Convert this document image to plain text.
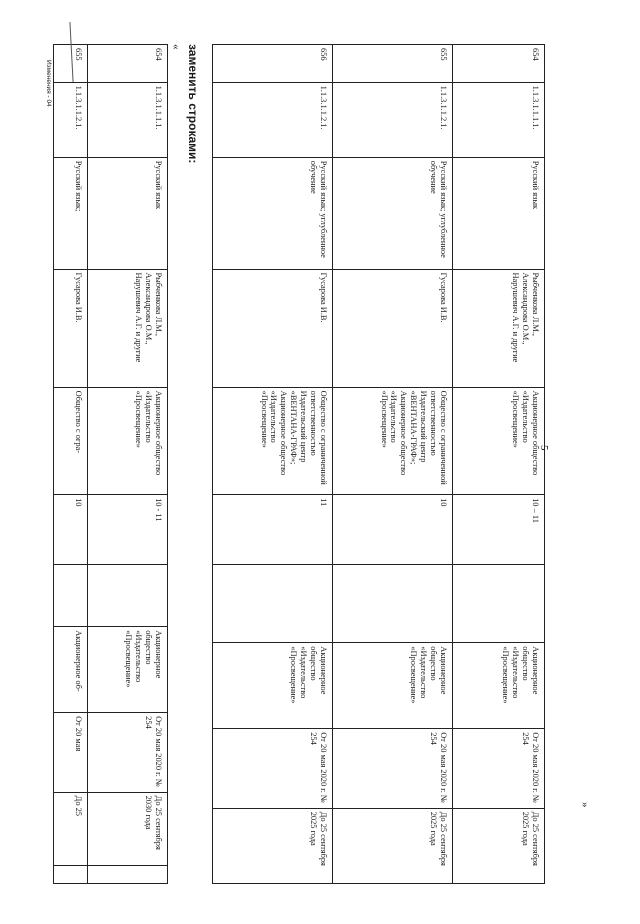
5
654	1.1.3.1.1.1.1.	Русский язык	Рыбченкова Л.М., Александрова О.М., Нарушевич А.Г. и другие	Акционерное общество «Издательство «Просвещение»	10 – 11		Акционерное общество «Издательство «Просвещение»	От 20 мая 2020 г. № 254	До 25 сентября 2025 года
655	1.1.3.1.1.2.1.	Русский язык; углубленное обучение	Гусарова И.В.	Общество с ограниченной ответственностью Издательский центр «ВЕНТАНА-ГРАФ»; Акционерное общество «Издательство «Просвещение»	10		Акционерное общество «Издательство «Просвещение»	От 20 мая 2020 г. № 254	До 25 сентября 2025 года
656	1.1.3.1.1.2.1.	Русский язык; углубленное обучение	Гусарова И.В.	Общество с ограниченной ответственностью Издательский центр «ВЕНТАНА-ГРАФ»; Акционерное общество «Издательство «Просвещение»	11		Акционерное общество «Издательство «Просвещение»	От 20 мая 2020 г. № 254	До 25 сентября 2025 года
»
заменить строками:
«
654	1.1.3.1.1.1.1.	Русский язык	Рыбченкова Л.М., Александрова О.М., Нарушевич А.Г. и другие	Акционерное общество «Издательство «Просвещение»	10 - 11		Акционерное общество «Издательство «Просвещение»	От 20 мая 2020 г. № 254	До 25 сентября 2030 года	
655	1.1.3.1.1.2.1.	Русский язык;	Гусарова И.В.	Общество с огра-	10		Акционерное об-	От 20 мая	До 25	
Изменения - 04
